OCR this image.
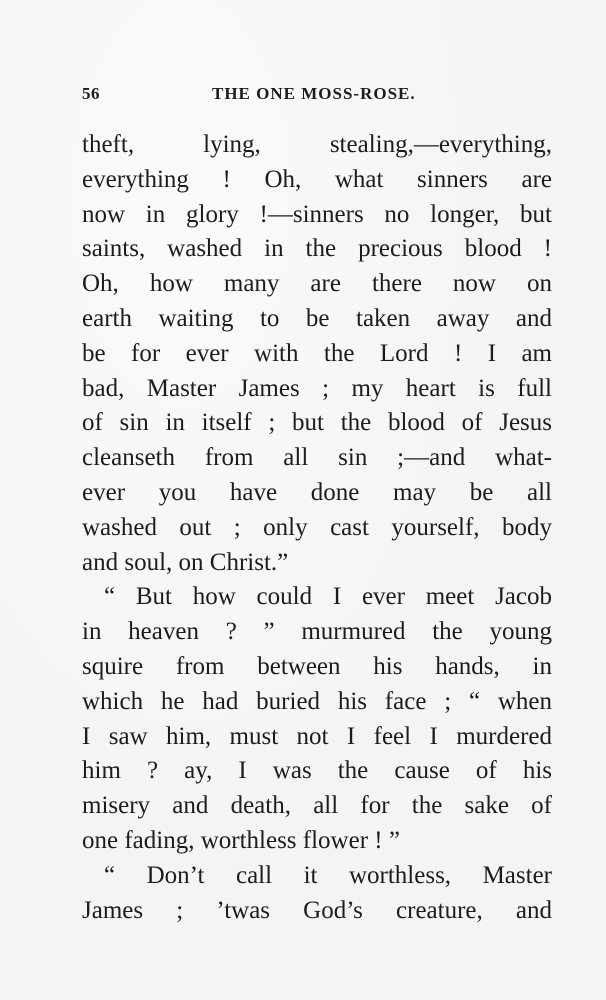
56	THE ONE MOSS-ROSE.
theft, lying, stealing,—everything,
everything ! Oh, what sinners are
now in glory !—sinners no longer, but
saints, washed in the precious blood !
Oh, how many are there now on
earth waiting to be taken away and
be for ever with the Lord ! I am
bad, Master James ; my heart is full
of sin in itself ; but the blood of Jesus
cleanseth from all sin ;—and what-
ever you have done may be all
washed out ; only cast yourself, body
and soul, on Christ.”
“ But how could I ever meet Jacob
in heaven ? ” murmured the young
squire from between his hands, in
which he had buried his face ; “ when
I saw him, must not I feel I murdered
him ? ay, I was the cause of his
misery and death, all for the sake of
one fading, worthless flower ! ”
“ Don’t call it worthless, Master
James ; ’twas God’s creature, and
